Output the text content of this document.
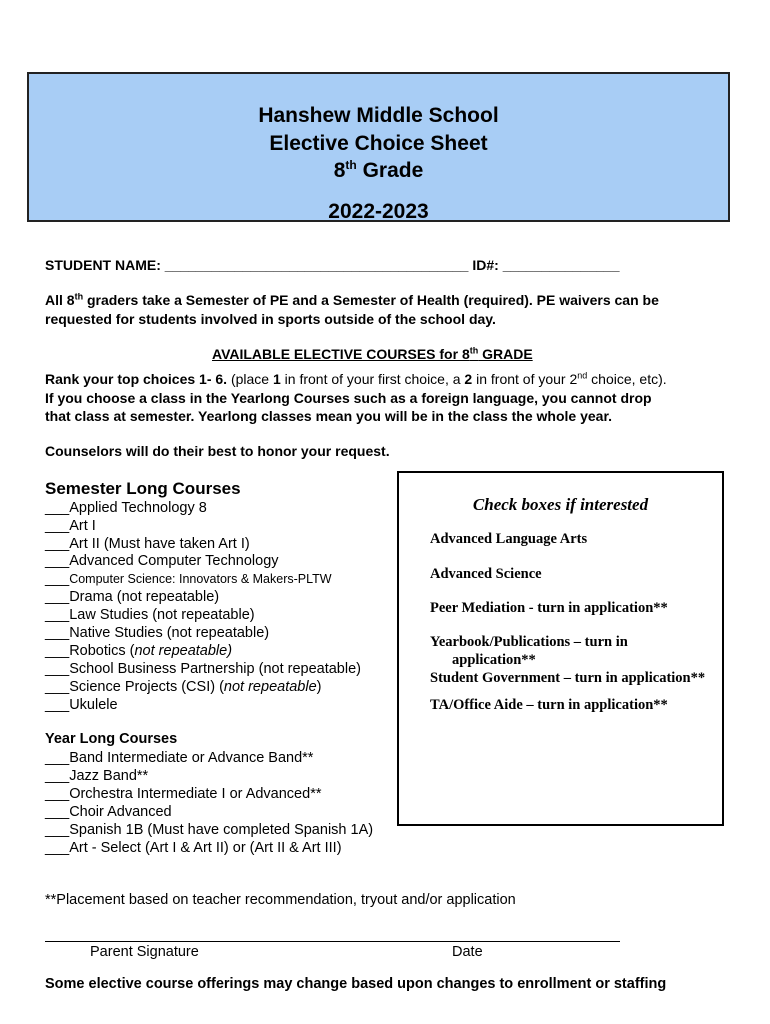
Hanshew Middle School
Elective Choice Sheet
8th Grade
2022-2023
STUDENT NAME: _______________________________________ ID#: _______________
All 8th graders take a Semester of PE and a Semester of Health (required). PE waivers can be
requested for students involved in sports outside of the school day.
AVAILABLE ELECTIVE COURSES for 8th GRADE
Rank your top choices 1- 6. (place 1 in front of your first choice, a 2 in front of your 2nd choice, etc).
If you choose a class in the Yearlong Courses such as a foreign language, you cannot drop
that class at semester. Yearlong classes mean you will be in the class the whole year.
Counselors will do their best to honor your request.
Semester Long Courses
___Applied Technology 8
___Art I
___Art II (Must have taken Art I)
___Advanced Computer Technology
___Computer Science: Innovators & Makers-PLTW
___Drama (not repeatable)
___Law Studies (not repeatable)
___Native Studies (not repeatable)
___Robotics (not repeatable)
___School Business Partnership (not repeatable)
___Science Projects (CSI) (not repeatable)
___Ukulele
Year Long Courses
___Band Intermediate or Advance Band**
___Jazz Band**
___Orchestra Intermediate I or Advanced**
___Choir Advanced
___Spanish 1B (Must have completed Spanish 1A)
___Art - Select (Art I & Art II) or (Art II & Art III)
Check boxes if interested
Advanced Language Arts
Advanced Science
Peer Mediation - turn in application**
Yearbook/Publications – turn in
application**
Student Government – turn in application**
TA/Office Aide – turn in application**
**Placement based on teacher recommendation, tryout and/or application
Parent Signature	Date
Some elective course offerings may change based upon changes to enrollment or staffing
